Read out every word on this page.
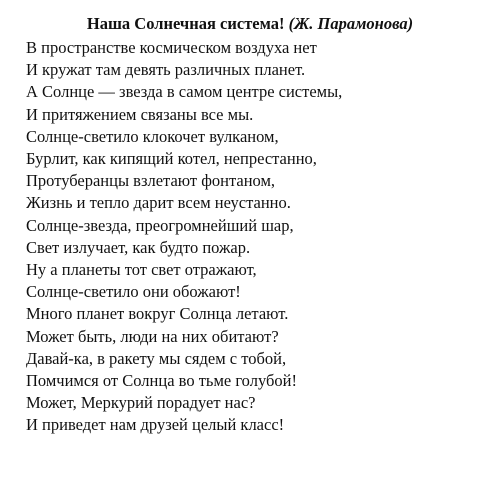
Наша Солнечная система! (Ж. Парамонова)
В пространстве космическом воздуха нет
И кружат там девять различных планет.
А Солнце — звезда в самом центре системы,
И притяжением связаны все мы.
Солнце-светило клокочет вулканом,
Бурлит, как кипящий котел, непрестанно,
Протуберанцы взлетают фонтаном,
Жизнь и тепло дарит всем неустанно.
Солнце-звезда, преогромнейший шар,
Свет излучает, как будто пожар.
Ну а планеты тот свет отражают,
Солнце-светило они обожают!
Много планет вокруг Солнца летают.
Может быть, люди на них обитают?
Давай-ка, в ракету мы сядем с тобой,
Помчимся от Солнца во тьме голубой!
Может, Меркурий порадует нас?
И приведет нам друзей целый класс!
